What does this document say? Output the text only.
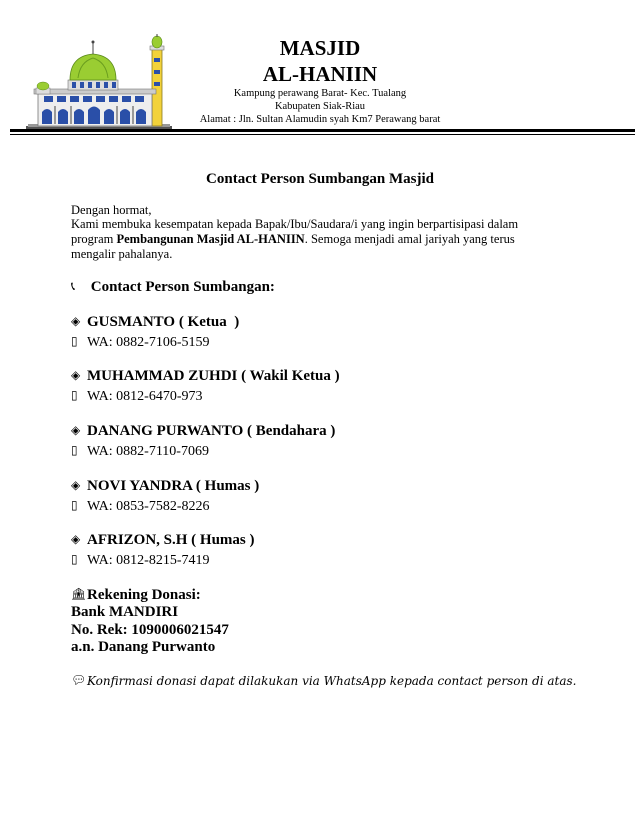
MASJID
AL-HANIIN
Kampung perawang Barat- Kec. Tualang
Kabupaten Siak-Riau
Alamat : Jln. Sultan Alamudin syah Km7 Perawang barat
Contact Person Sumbangan Masjid
Dengan hormat,
Kami membuka kesempatan kepada Bapak/Ibu/Saudara/i yang ingin berpartisipasi dalam program Pembangunan Masjid AL-HANIIN. Semoga menjadi amal jariyah yang terus mengalir pahalanya.
📞︎ Contact Person Sumbangan:
◈ GUSMANTO ( Ketua  )
▯ WA: 0882-7106-5159
◈ MUHAMMAD ZUHDI ( Wakil Ketua )
▯ WA: 0812-6470-973
◈ DANANG PURWANTO ( Bendahara )
▯ WA: 0882-7110-7069
◈ NOVI YANDRA ( Humas )
▯ WA: 0853-7582-8226
◈ AFRIZON, S.H ( Humas )
▯ WA: 0812-8215-7419
🏦︎Rekening Donasi:
Bank MANDIRI
No. Rek: 1090006021547
a.n. Danang Purwanto
💬︎Konfirmasi donasi dapat dilakukan via WhatsApp kepada contact person di atas.
